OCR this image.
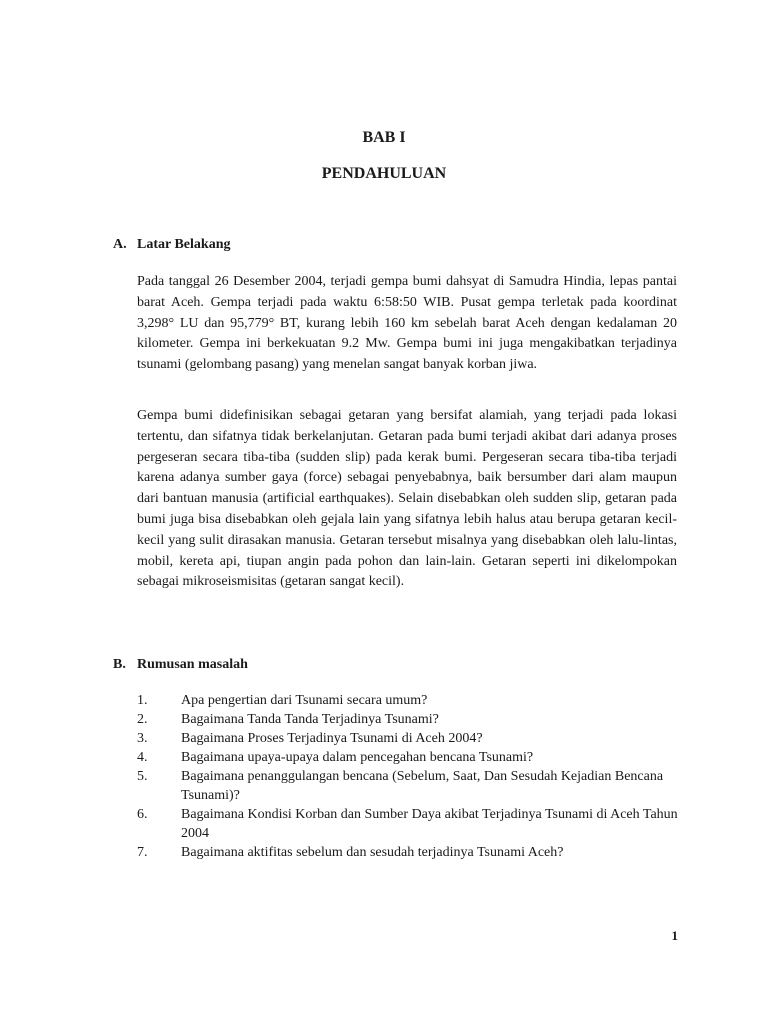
BAB I
PENDAHULUAN
A. Latar Belakang

Pada tanggal 26 Desember 2004, terjadi gempa bumi dahsyat di Samudra Hindia, lepas pantai barat Aceh. Gempa terjadi pada waktu 6:58:50 WIB. Pusat gempa terletak pada koordinat 3,298° LU dan 95,779° BT, kurang lebih 160 km sebelah barat Aceh dengan kedalaman 20 kilometer. Gempa ini berkekuatan 9.2 Mw. Gempa bumi ini juga mengakibatkan terjadinya tsunami (gelombang pasang) yang menelan sangat banyak korban jiwa.

Gempa bumi didefinisikan sebagai getaran yang bersifat alamiah, yang terjadi pada lokasi tertentu, dan sifatnya tidak berkelanjutan. Getaran pada bumi terjadi akibat dari adanya proses pergeseran secara tiba-tiba (sudden slip) pada kerak bumi. Pergeseran secara tiba-tiba terjadi karena adanya sumber gaya (force) sebagai penyebabnya, baik bersumber dari alam maupun dari bantuan manusia (artificial earthquakes). Selain disebabkan oleh sudden slip, getaran pada bumi juga bisa disebabkan oleh gejala lain yang sifatnya lebih halus atau berupa getaran kecil-kecil yang sulit dirasakan manusia. Getaran tersebut misalnya yang disebabkan oleh lalu-lintas, mobil, kereta api, tiupan angin pada pohon dan lain-lain. Getaran seperti ini dikelompokan sebagai mikroseismisitas (getaran sangat kecil).

B. Rumusan masalah
1.	Apa pengertian dari Tsunami secara umum?
2.	Bagaimana Tanda Tanda Terjadinya Tsunami?
3.	Bagaimana Proses Terjadinya Tsunami di Aceh 2004?
4.	Bagaimana upaya-upaya dalam pencegahan bencana Tsunami?
5.	Bagaimana penanggulangan bencana (Sebelum, Saat, Dan Sesudah Kejadian Bencana Tsunami)?
6.	Bagaimana Kondisi Korban dan Sumber Daya akibat Terjadinya Tsunami di Aceh Tahun 2004
7.	Bagaimana aktifitas sebelum dan sesudah terjadinya Tsunami Aceh?
1
